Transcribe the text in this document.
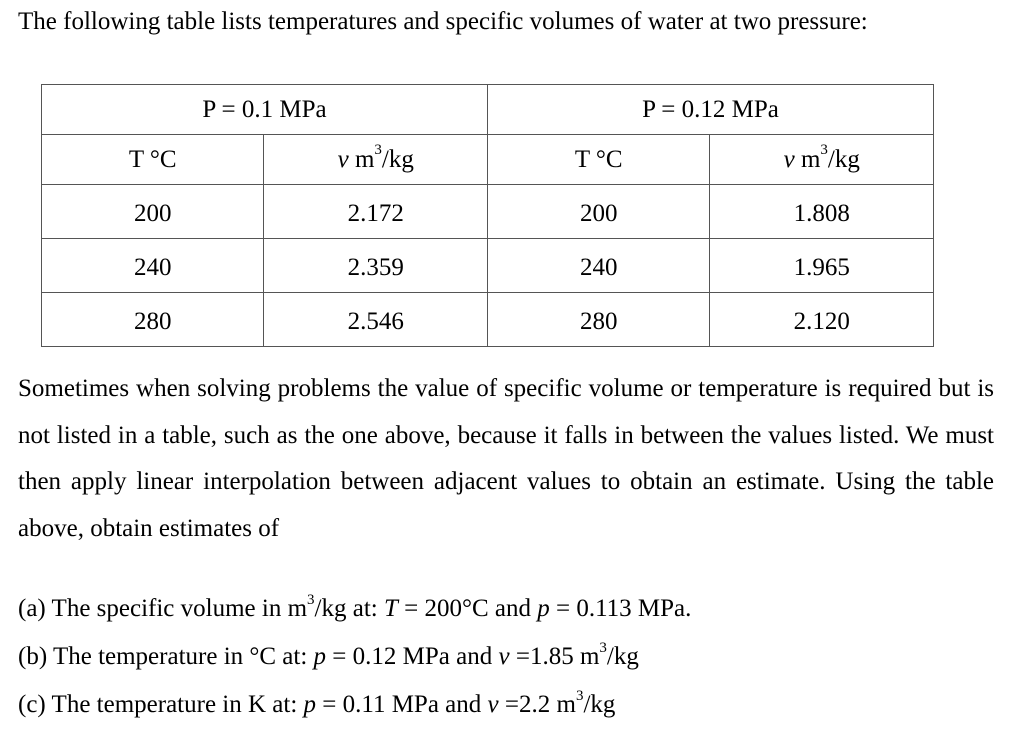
The following table lists temperatures and specific volumes of water at two pressure:
P = 0.1 MPa		P = 0.12 MPa	
T °C	v $m^3/kg$	T °C	v $m^3/kg$
200	2.172	200	1.808
240	2.359	240	1.965
280	2.546	280	2.120
Sometimes when solving problems the value of specific volume or temperature is required but is not listed in a table, such as the one above, because it falls in between the values listed. We must then apply linear interpolation between adjacent values to obtain an estimate. Using the table above, obtain estimates of
(a) The specific volume in $m^3/kg$ at: T = 200°C and p = 0.113 MPa.
(b) The temperature in °C at: p = 0.12 MPa and v =1.85 $m^3/kg$
(c) The temperature in K at: p = 0.11 MPa and v =2.2 $m^3/kg$
